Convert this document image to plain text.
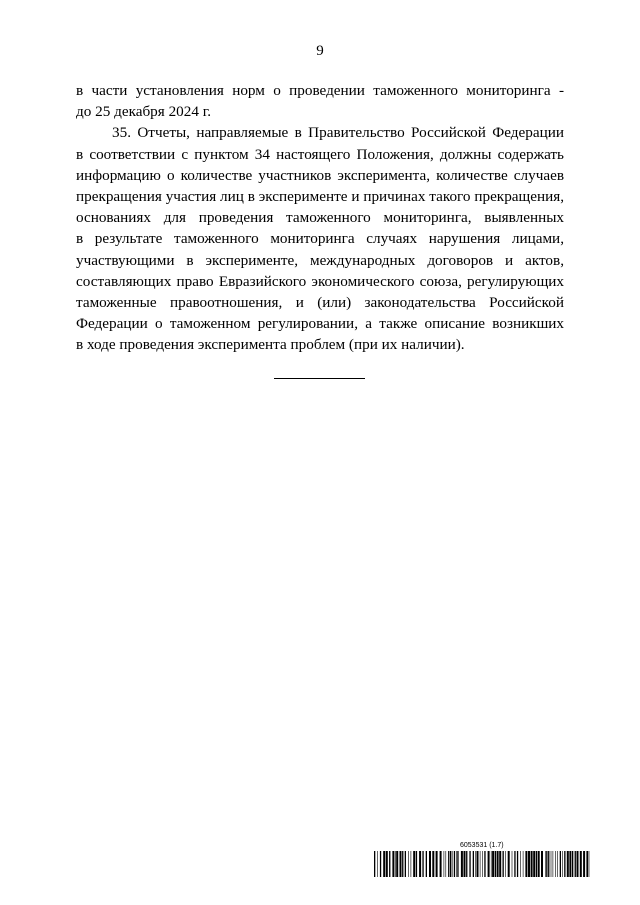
9

в части установления норм о проведении таможенного мониторинга -
до 25 декабря 2024 г.

35. Отчеты, направляемые в Правительство Российской Федерации
в соответствии с пунктом 34 настоящего Положения, должны содержать
информацию о количестве участников эксперимента, количестве случаев
прекращения участия лиц в эксперименте и причинах такого прекращения,
основаниях для проведения таможенного мониторинга, выявленных
в результате таможенного мониторинга случаях нарушения лицами,
участвующими в эксперименте, международных договоров и актов,
составляющих право Евразийского экономического союза, регулирующих
таможенные правоотношения, и (или) законодательства Российской
Федерации о таможенном регулировании, а также описание возникших
в ходе проведения эксперимента проблем (при их наличии).

6053531 (1.7)
